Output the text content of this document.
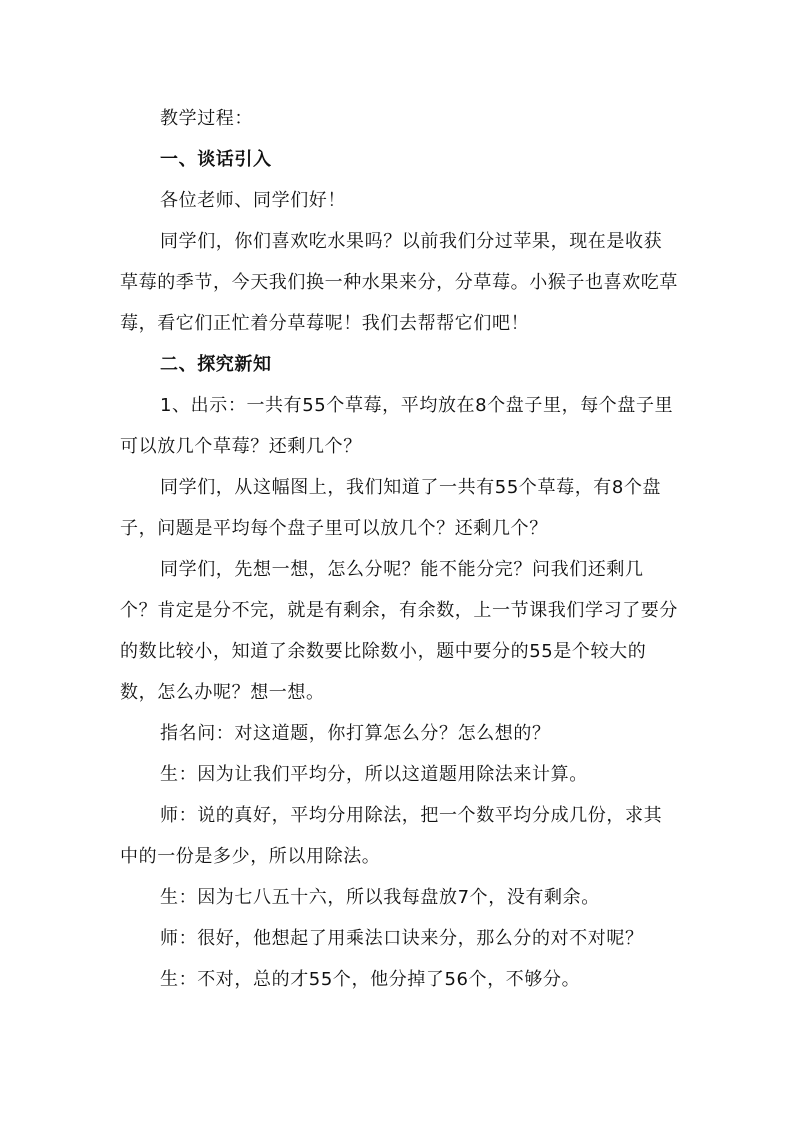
教学过程：

一、谈话引入

各位老师、同学们好！

同学们，你们喜欢吃水果吗？以前我们分过苹果，现在是收获草莓的季节，今天我们换一种水果来分，分草莓。小猴子也喜欢吃草莓，看它们正忙着分草莓呢！我们去帮帮它们吧！

二、探究新知

1、出示：一共有55个草莓，平均放在8个盘子里，每个盘子里可以放几个草莓？还剩几个？

同学们，从这幅图上，我们知道了一共有55个草莓，有8个盘子，问题是平均每个盘子里可以放几个？还剩几个？

同学们，先想一想，怎么分呢？能不能分完？问我们还剩几个？肯定是分不完，就是有剩余，有余数，上一节课我们学习了要分的数比较小，知道了余数要比除数小，题中要分的55是个较大的数，怎么办呢？想一想。

指名问：对这道题，你打算怎么分？怎么想的？

生：因为让我们平均分，所以这道题用除法来计算。

师：说的真好，平均分用除法，把一个数平均分成几份，求其中的一份是多少，所以用除法。

生：因为七八五十六，所以我每盘放7个，没有剩余。

师：很好，他想起了用乘法口诀来分，那么分的对不对呢？

生：不对，总的才55个，他分掉了56个，不够分。
